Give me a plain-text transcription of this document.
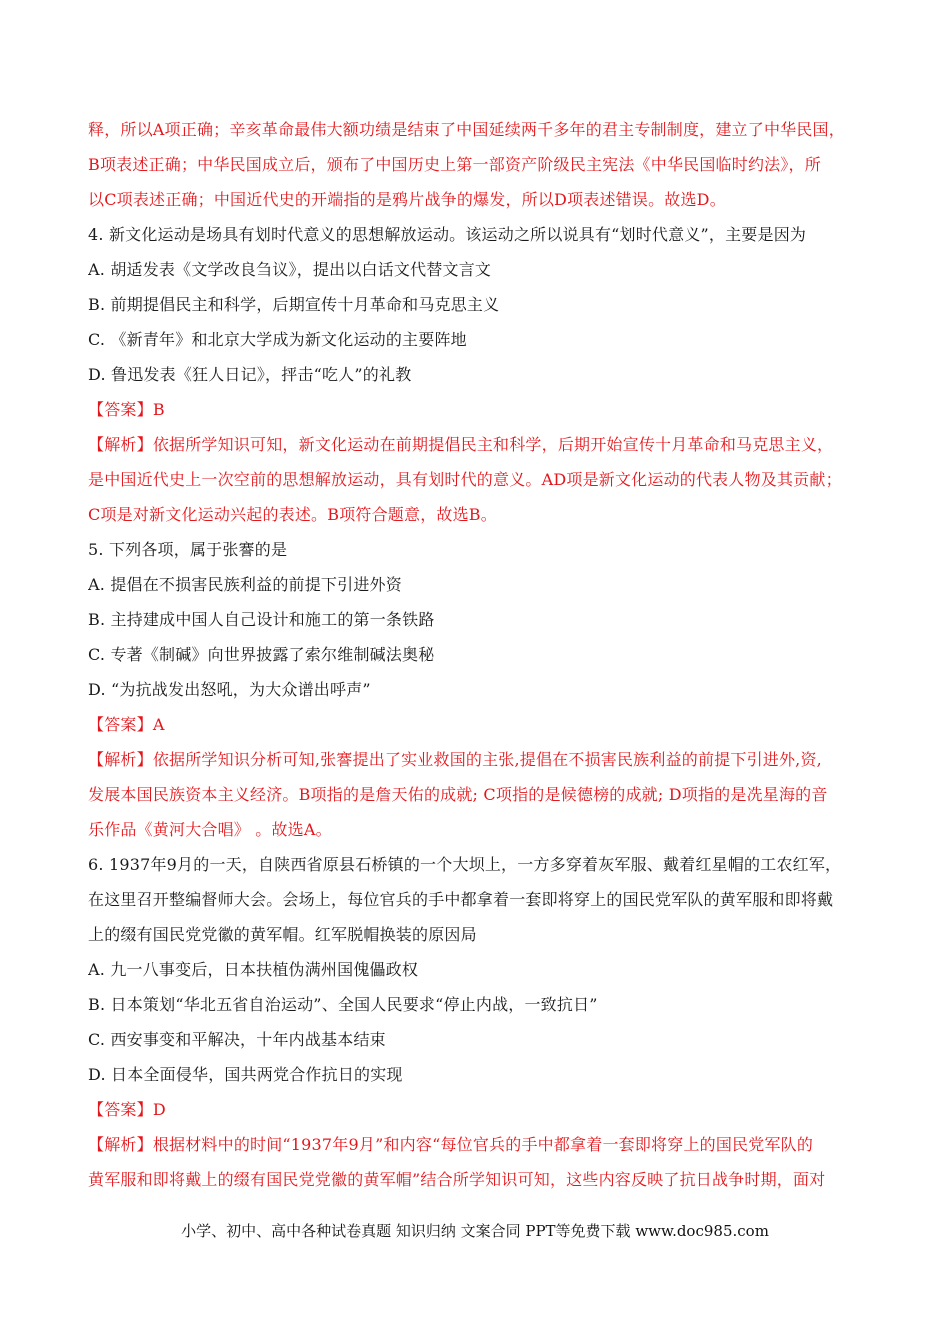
释，所以A项正确；辛亥革命最伟大额功绩是结束了中国延续两千多年的君主专制制度，建立了中华民国，
B项表述正确；中华民国成立后，颁布了中国历史上第一部资产阶级民主宪法《中华民国临时约法》，所
以C项表述正确；中国近代史的开端指的是鸦片战争的爆发，所以D项表述错误。故选D。
4. 新文化运动是场具有划时代意义的思想解放运动。该运动之所以说具有“划时代意义”，主要是因为
A. 胡适发表《文学改良刍议》，提出以白话文代替文言文
B. 前期提倡民主和科学，后期宣传十月革命和马克思主义
C. 《新青年》和北京大学成为新文化运动的主要阵地
D. 鲁迅发表《狂人日记》，抨击“吃人”的礼教
【答案】B
【解析】依据所学知识可知，新文化运动在前期提倡民主和科学，后期开始宣传十月革命和马克思主义，
是中国近代史上一次空前的思想解放运动，具有划时代的意义。AD项是新文化运动的代表人物及其贡献；
C项是对新文化运动兴起的表述。B项符合题意，故选B。
5. 下列各项，属于张謇的是
A. 提倡在不损害民族利益的前提下引进外资
B. 主持建成中国人自己设计和施工的第一条铁路
C. 专著《制碱》向世界披露了索尔维制碱法奥秘
D. “为抗战发出怒吼，为大众谱出呼声”
【答案】A
【解析】依据所学知识分析可知,张謇提出了实业救国的主张,提倡在不损害民族利益的前提下引进外,资,
发展本国民族资本主义经济。B项指的是詹天佑的成就; C项指的是候德榜的成就; D项指的是冼星海的音
乐作品《黄河大合唱》 。故选A。
6. 1937年9月的一天，自陕西省原县石桥镇的一个大坝上，一方多穿着灰军服、戴着红星帽的工农红军，
在这里召开整编督师大会。会场上，每位官兵的手中都拿着一套即将穿上的国民党军队的黄军服和即将戴
上的缀有国民党党徽的黄军帽。红军脱帽换装的原因局
A. 九一八事变后，日本扶植伪满州国傀儡政权
B. 日本策划“华北五省自治运动”、全国人民要求“停止内战，一致抗日”
C. 西安事变和平解决，十年内战基本结束
D. 日本全面侵华，国共两党合作抗日的实现
【答案】D
【解析】根据材料中的时间“1937年9月”和内容“每位官兵的手中都拿着一套即将穿上的国民党军队的
黄军服和即将戴上的缀有国民党党徽的黄军帽”结合所学知识可知，这些内容反映了抗日战争时期，面对
小学、初中、高中各种试卷真题 知识归纳 文案合同 PPT等免费下载 www.doc985.com
